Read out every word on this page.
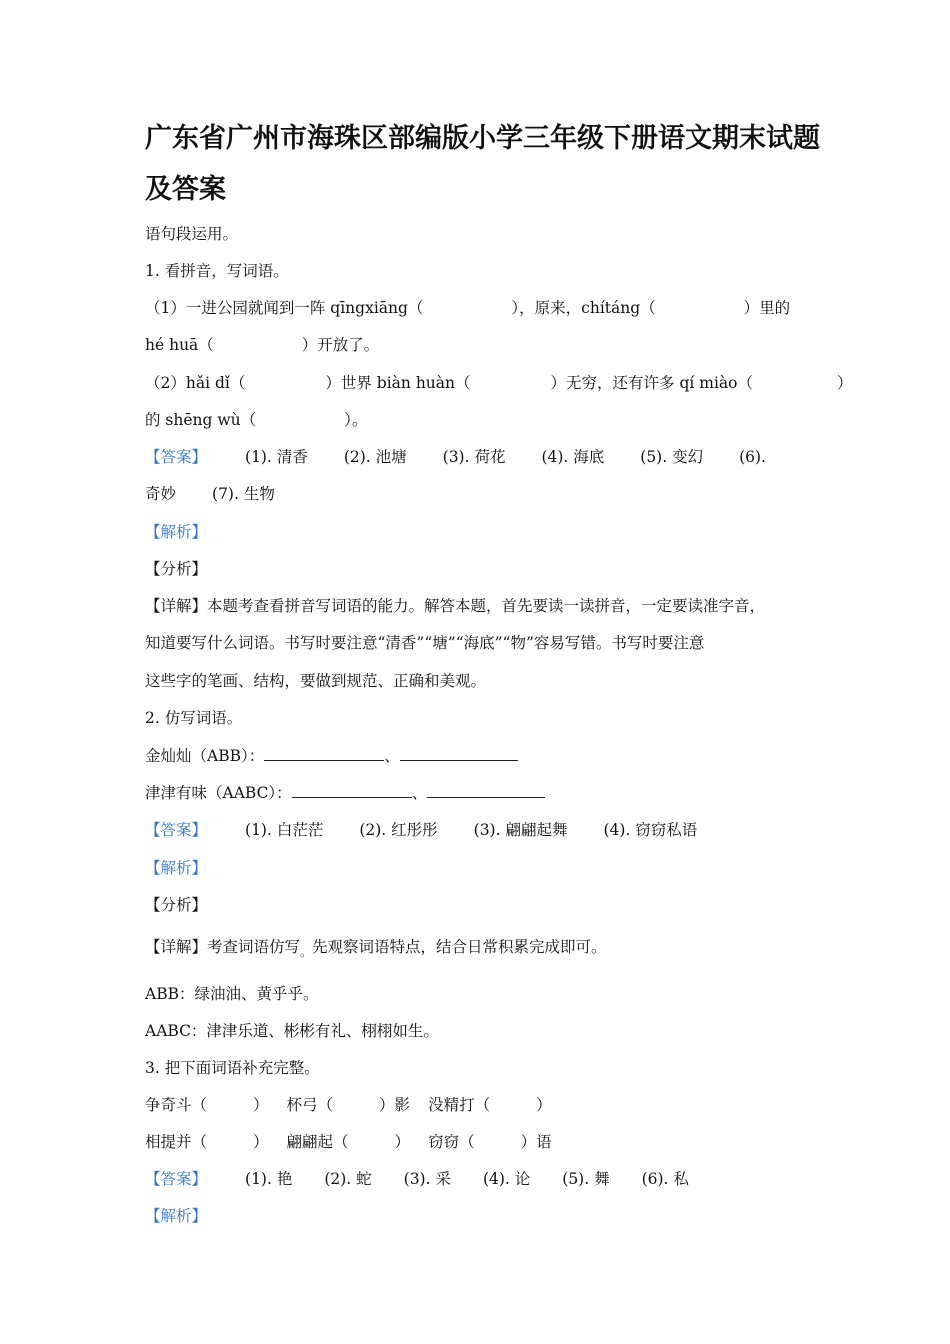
广东省广州市海珠区部编版小学三年级下册语文期末试题
及答案
语句段运用。
1. 看拼音，写词语。
（1）一进公园就闻到一阵 qīngxiāng（	），原来，chítáng（	）里的
hé huā（	）开放了。
（2）hǎi dǐ（	）世界 biàn huàn（	）无穷，还有许多 qí miào（	）
的 shēng wù（	）。
【答案】 (1). 清香 (2). 池塘 (3). 荷花 (4). 海底 (5). 变幻 (6).
奇妙 (7). 生物
【解析】
【分析】
【详解】本题考查看拼音写词语的能力。解答本题，首先要读一读拼音，一定要读准字音，
知道要写什么词语。书写时要注意“清香”“塘”“海底”“物”容易写错。书写时要注意
这些字的笔画、结构，要做到规范、正确和美观。
2. 仿写词语。
金灿灿（ABB）：	、
津津有味（AABC）：	、
【答案】 (1). 白茫茫 (2). 红彤彤 (3). 翩翩起舞 (4). 窃窃私语
【解析】
【分析】
【详解】考查词语仿写$_。$先观察词语特点，结合日常积累完成即可。
ABB：绿油油、黄乎乎。
AABC：津津乐道、彬彬有礼、栩栩如生。
3. 把下面词语补充完整。
争奇斗（	） 杯弓（	）影 没精打（	）
相提并（	） 翩翩起（	） 窃窃（	）语
【答案】 (1). 艳 (2). 蛇 (3). 采 (4). 论 (5). 舞 (6). 私
【解析】
